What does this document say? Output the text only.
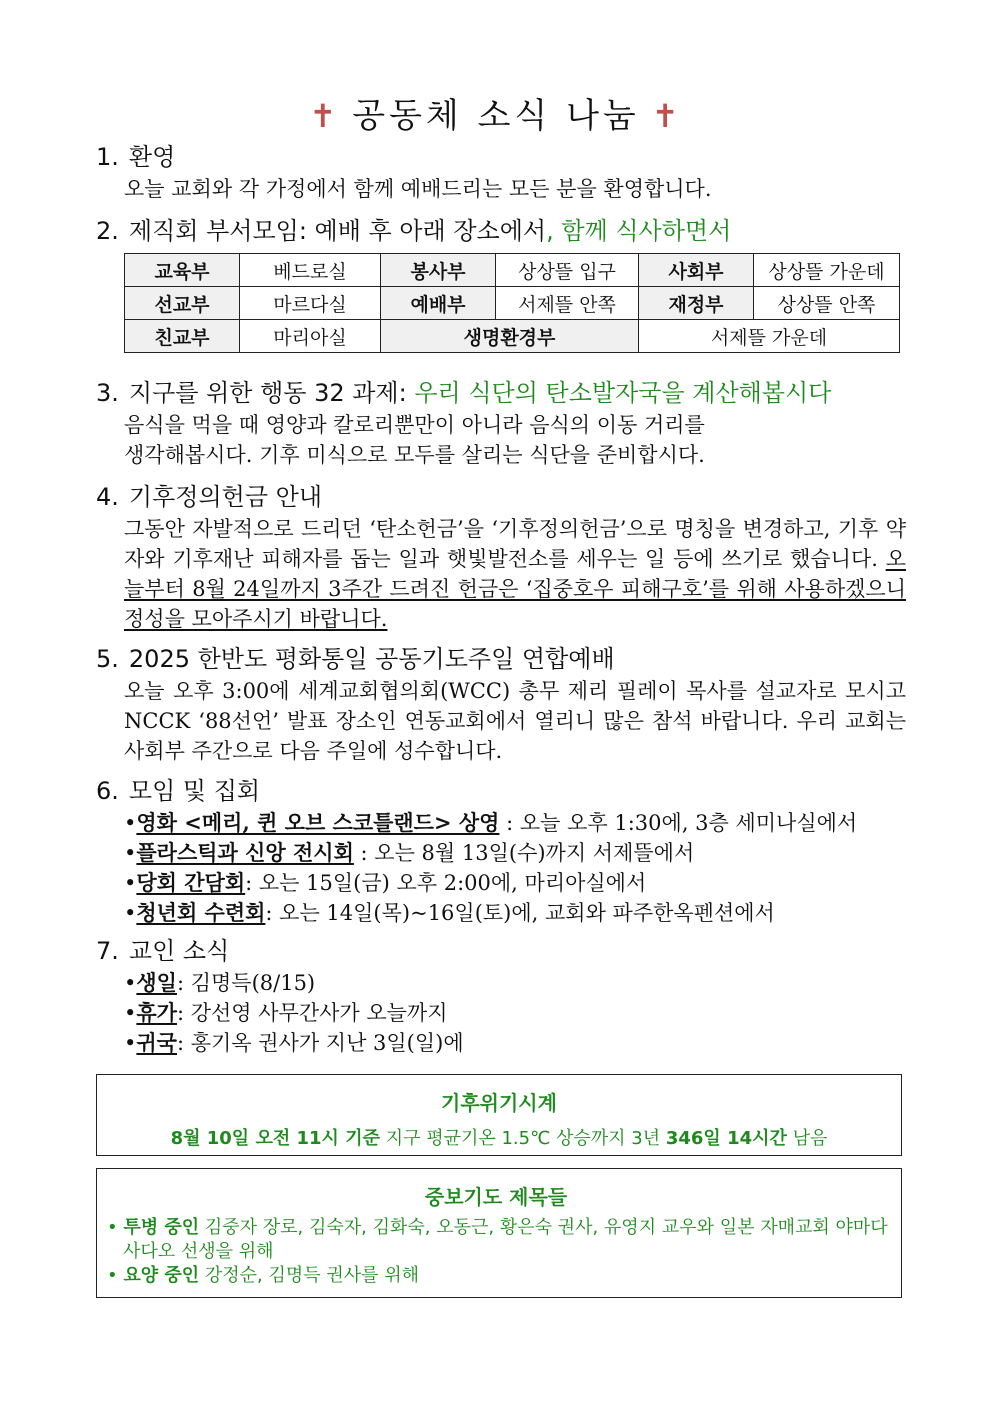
✝ 공동체 소식 나눔 ✝
1. 환영
오늘 교회와 각 가정에서 함께 예배드리는 모든 분을 환영합니다.
2. 제직회 부서모임: 예배 후 아래 장소에서, 함께 식사하면서
교육부	베드로실	봉사부	상상뜰 입구	사회부	상상뜰 가운데
선교부	마르다실	예배부	서제뜰 안쪽	재정부	상상뜰 안쪽
친교부	마리아실	생명환경부		서제뜰 가운데	
3. 지구를 위한 행동 32 과제: 우리 식단의 탄소발자국을 계산해봅시다
음식을 먹을 때 영양과 칼로리뿐만이 아니라 음식의 이동 거리를
생각해봅시다. 기후 미식으로 모두를 살리는 식단을 준비합시다.
4. 기후정의헌금 안내
그동안 자발적으로 드리던 ‘탄소헌금’을 ‘기후정의헌금’으로 명칭을 변경하고, 기후 약자와 기후재난 피해자를 돕는 일과 햇빛발전소를 세우는 일 등에 쓰기로 했습니다. 오늘부터 8월 24일까지 3주간 드려진 헌금은 ‘집중호우 피해구호’를 위해 사용하겠으니 정성을 모아주시기 바랍니다.
5. 2025 한반도 평화통일 공동기도주일 연합예배
오늘 오후 3:00에 세계교회협의회(WCC) 총무 제리 필레이 목사를 설교자로 모시고 NCCK ‘88선언’ 발표 장소인 연동교회에서 열리니 많은 참석 바랍니다. 우리 교회는 사회부 주간으로 다음 주일에 성수합니다.
6. 모임 및 집회
•영화 <메리, 퀸 오브 스코틀랜드> 상영 : 오늘 오후 1:30에, 3층 세미나실에서
•플라스틱과 신앙 전시회 : 오는 8월 13일(수)까지 서제뜰에서
•당회 간담회: 오는 15일(금) 오후 2:00에, 마리아실에서
•청년회 수련회: 오는 14일(목)~16일(토)에, 교회와 파주한옥펜션에서
7. 교인 소식
•생일: 김명득(8/15)
•휴가: 강선영 사무간사가 오늘까지
•귀국: 홍기옥 권사가 지난 3일(일)에
기후위기시계
8월 10일 오전 11시 기준 지구 평균기온 1.5℃ 상승까지 3년 346일 14시간 남음
중보기도 제목들
• 투병 중인 김중자 장로, 김숙자, 김화숙, 오동근, 황은숙 권사, 유영지 교우와 일본 자매교회 야마다 사다오 선생을 위해
• 요양 중인 강정순, 김명득 권사를 위해
